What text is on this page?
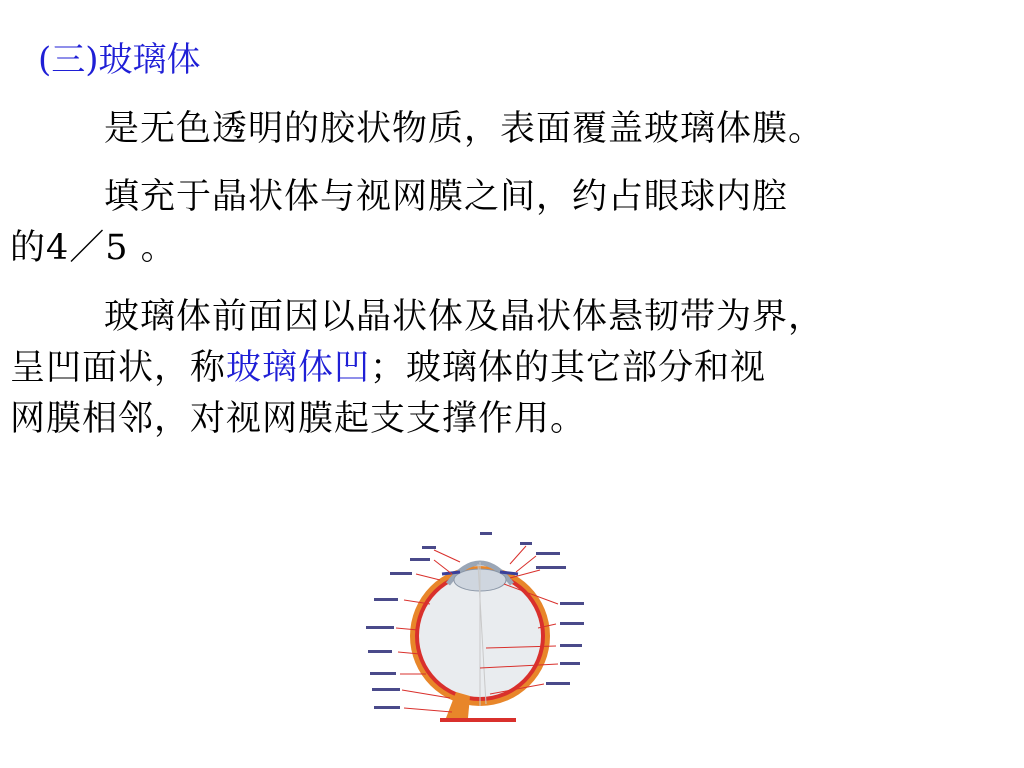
(三)玻璃体
是无色透明的胶状物质，表面覆盖玻璃体膜。
填充于晶状体与视网膜之间，约占眼球内腔
的4／5 。
玻璃体前面因以晶状体及晶状体悬韧带为界，
呈凹面状，称玻璃体凹；玻璃体的其它部分和视
网膜相邻，对视网膜起支支撑作用。
